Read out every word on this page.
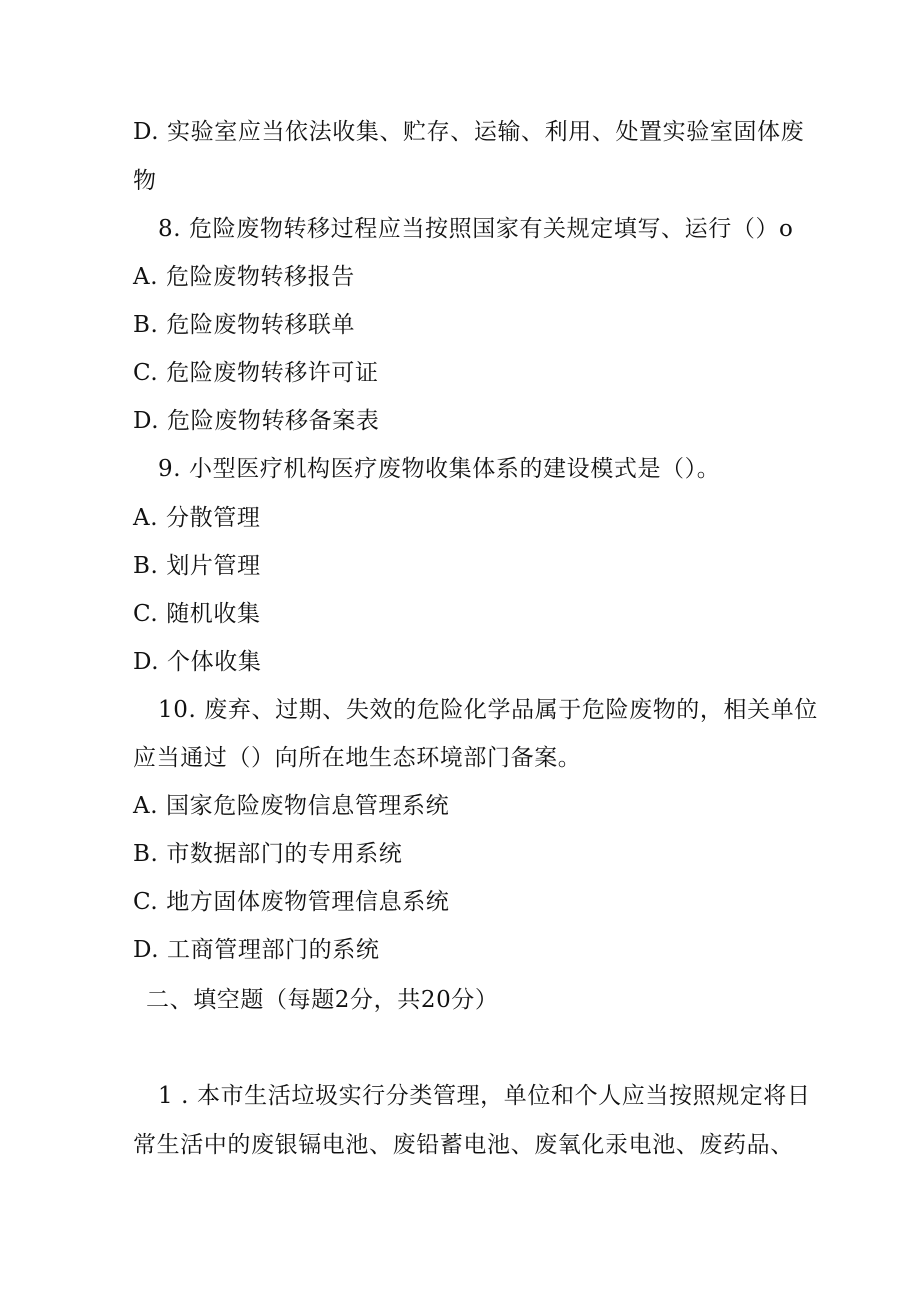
D. 实验室应当依法收集、贮存、运输、利用、处置实验室固体废
物
8. 危险废物转移过程应当按照国家有关规定填写、运行（）o
A. 危险废物转移报告
B. 危险废物转移联单
C. 危险废物转移许可证
D. 危险废物转移备案表
9. 小型医疗机构医疗废物收集体系的建设模式是（）。
A. 分散管理
B. 划片管理
C. 随机收集
D. 个体收集
10. 废弃、过期、失效的危险化学品属于危险废物的，相关单位
应当通过（）向所在地生态环境部门备案。
A. 国家危险废物信息管理系统
B. 市数据部门的专用系统
C. 地方固体废物管理信息系统
D. 工商管理部门的系统
二、填空题（每题2分，共20分）
1 . 本市生活垃圾实行分类管理，单位和个人应当按照规定将日
常生活中的废银镉电池、废铅蓄电池、废氧化汞电池、废药品、
